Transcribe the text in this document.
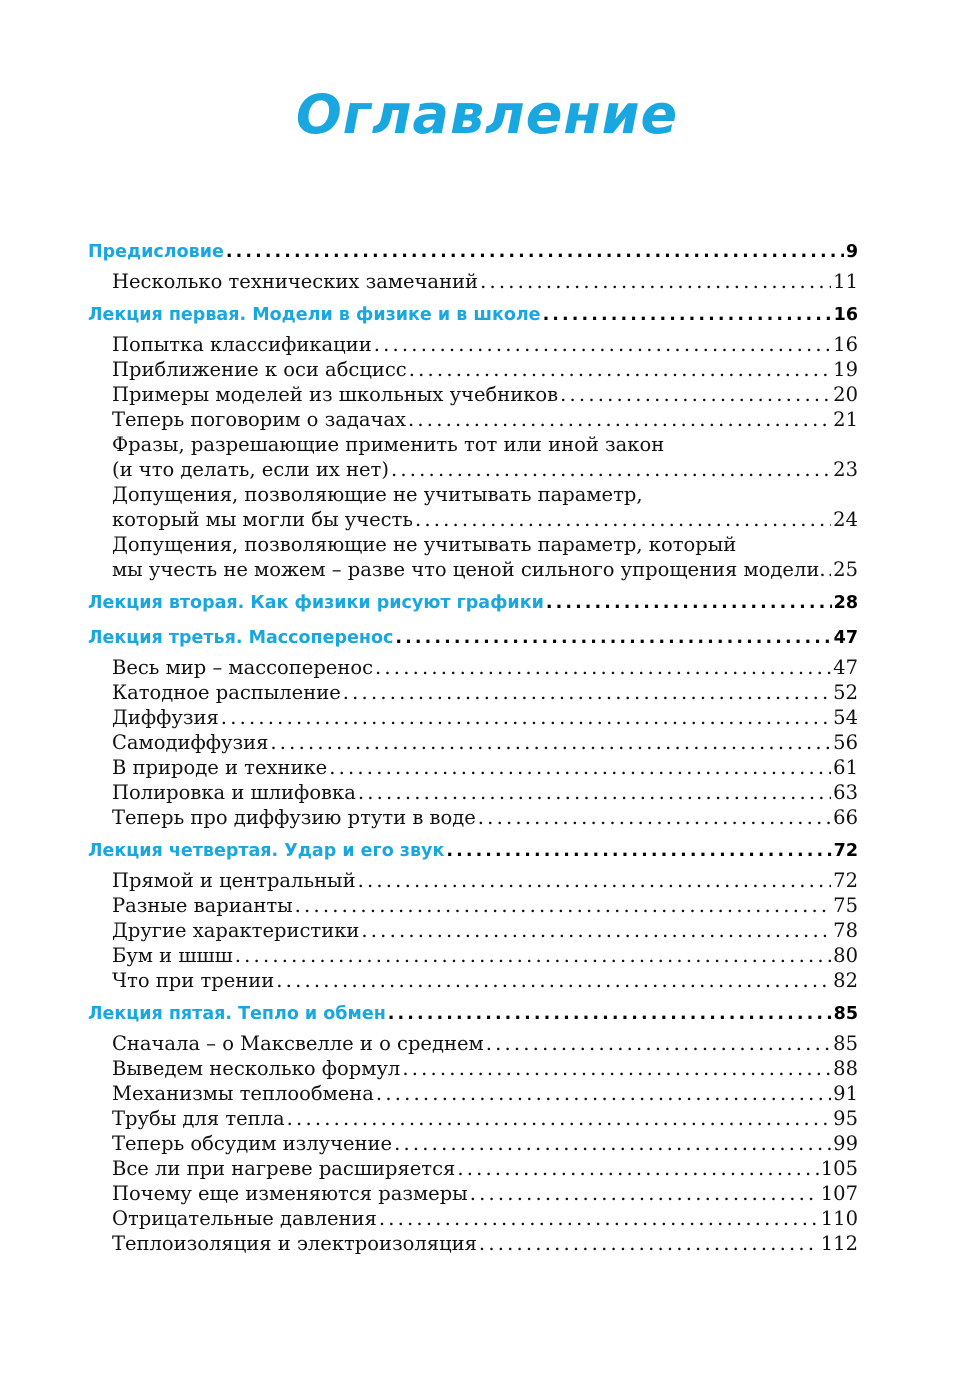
Оглавление
Предисловие . . .	9
Несколько технических замечаний . . .	11
Лекция первая. Модели в физике и в школе . . .	16
Попытка классификации . . .	16
Приближение к оси абсцисс . . .	19
Примеры моделей из школьных учебников . . .	20
Теперь поговорим о задачах . . .	21
Фразы, разрешающие применить тот или иной закон
(и что делать, если их нет) . . .	23
Допущения, позволяющие не учитывать параметр,
который мы могли бы учесть . . .	24
Допущения, позволяющие не учитывать параметр, который
мы учесть не можем – разве что ценой сильного упрощения модели. . . . 25
Лекция вторая. Как физики рисуют графики . . .	28
Лекция третья. Массоперенос . . .	47
Весь мир – массоперенос . . .	47
Катодное распыление . . .	52
Диффузия . . .	54
Самодиффузия . . .	56
В природе и технике . . .	61
Полировка и шлифовка . . .	63
Теперь про диффузию ртути в воде . . .	66
Лекция четвертая. Удар и его звук . . .	72
Прямой и центральный . . .	72
Разные варианты . . .	75
Другие характеристики . . .	78
Бум и шшш . . .	80
Что при трении . . .	82
Лекция пятая. Тепло и обмен . . .	85
Сначала – о Максвелле и о среднем . . .	85
Выведем несколько формул . . .	88
Механизмы теплообмена . . .	91
Трубы для тепла . . .	95
Теперь обсудим излучение . . .	99
Все ли при нагреве расширяется . . .	105
Почему еще изменяются размеры . . .	107
Отрицательные давления . . .	110
Теплоизоляция и электроизоляция . . .	112
